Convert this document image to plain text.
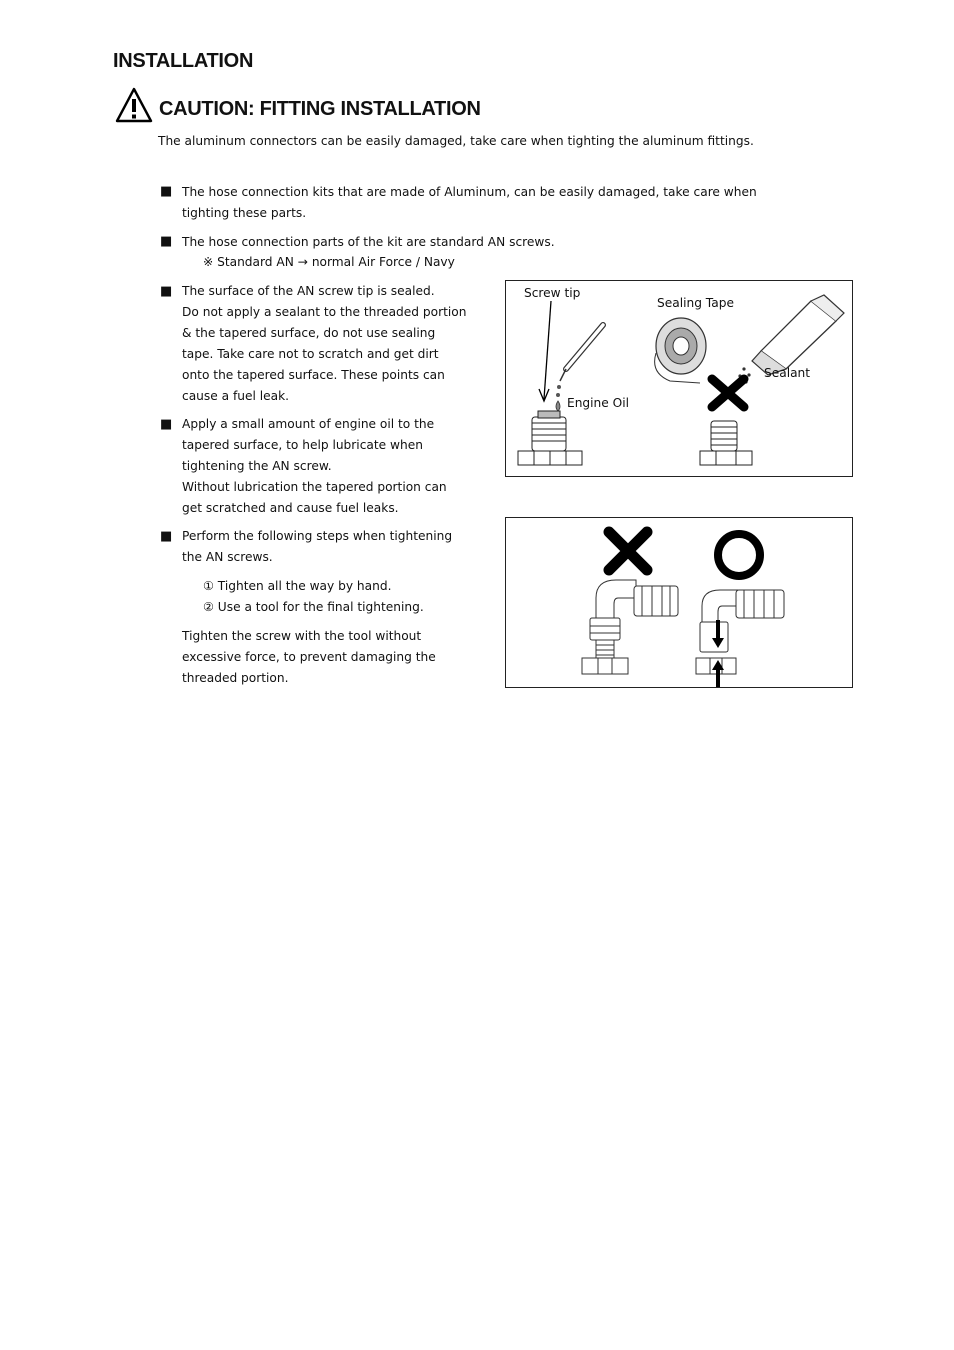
INSTALLATION
CAUTION: FITTING INSTALLATION
The aluminum connectors can be easily damaged, take care when tighting the aluminum fittings.
■ The hose connection kits that are made of Aluminum, can be easily damaged, take care when
tighting these parts.
■ The hose connection parts of the kit are standard AN screws.
※ Standard AN → normal Air Force / Navy
■ The surface of the AN screw tip is sealed.
Do not apply a sealant to the threaded portion
& the tapered surface, do not use sealing
tape. Take care not to scratch and get dirt
onto the tapered surface. These points can
cause a fuel leak.
■ Apply a small amount of engine oil to the
tapered surface, to help lubricate when
tightening the AN screw.
Without lubrication the tapered portion can
get scratched and cause fuel leaks.
■ Perform the following steps when tightening
the AN screws.
① Tighten all the way by hand.
② Use a tool for the final tightening.
Tighten the screw with the tool without
excessive force, to prevent damaging the
threaded portion.
Screw tip
Sealing Tape
Sealant
Engine Oil
